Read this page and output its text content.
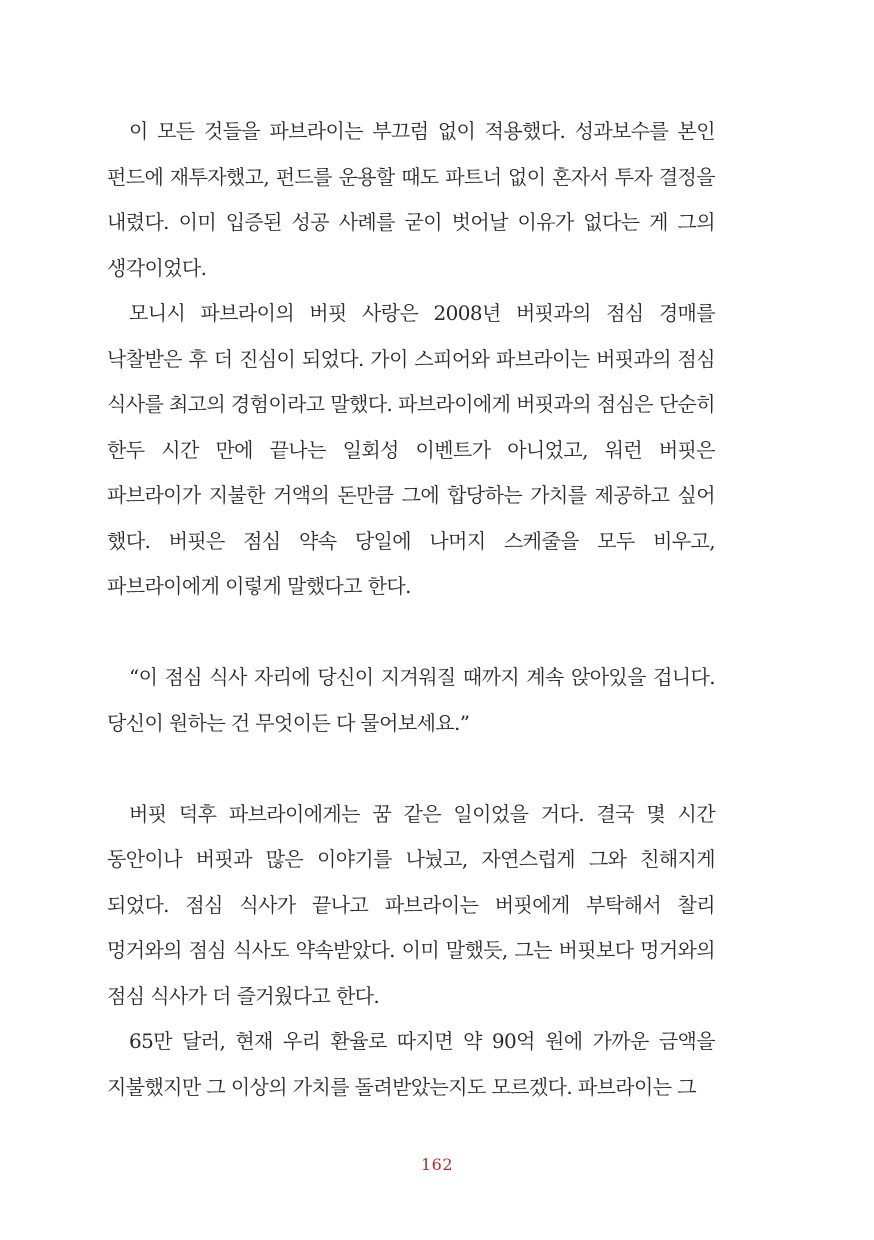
이 모든 것들을 파브라이는 부끄럼 없이 적용했다. 성과보수를 본인 펀드에 재투자했고, 펀드를 운용할 때도 파트너 없이 혼자서 투자 결정을 내렸다. 이미 입증된 성공 사례를 굳이 벗어날 이유가 없다는 게 그의 생각이었다.

모니시 파브라이의 버핏 사랑은 2008년 버핏과의 점심 경매를 낙찰받은 후 더 진심이 되었다. 가이 스피어와 파브라이는 버핏과의 점심 식사를 최고의 경험이라고 말했다. 파브라이에게 버핏과의 점심은 단순히 한두 시간 만에 끝나는 일회성 이벤트가 아니었고, 워런 버핏은 파브라이가 지불한 거액의 돈만큼 그에 합당하는 가치를 제공하고 싶어 했다. 버핏은 점심 약속 당일에 나머지 스케줄을 모두 비우고, 파브라이에게 이렇게 말했다고 한다.

“이 점심 식사 자리에 당신이 지겨워질 때까지 계속 앉아있을 겁니다. 당신이 원하는 건 무엇이든 다 물어보세요.”

버핏 덕후 파브라이에게는 꿈 같은 일이었을 거다. 결국 몇 시간 동안이나 버핏과 많은 이야기를 나눴고, 자연스럽게 그와 친해지게 되었다. 점심 식사가 끝나고 파브라이는 버핏에게 부탁해서 찰리 멍거와의 점심 식사도 약속받았다. 이미 말했듯, 그는 버핏보다 멍거와의 점심 식사가 더 즐거웠다고 한다.

65만 달러, 현재 우리 환율로 따지면 약 90억 원에 가까운 금액을 지불했지만 그 이상의 가치를 돌려받았는지도 모르겠다. 파브라이는 그

162
